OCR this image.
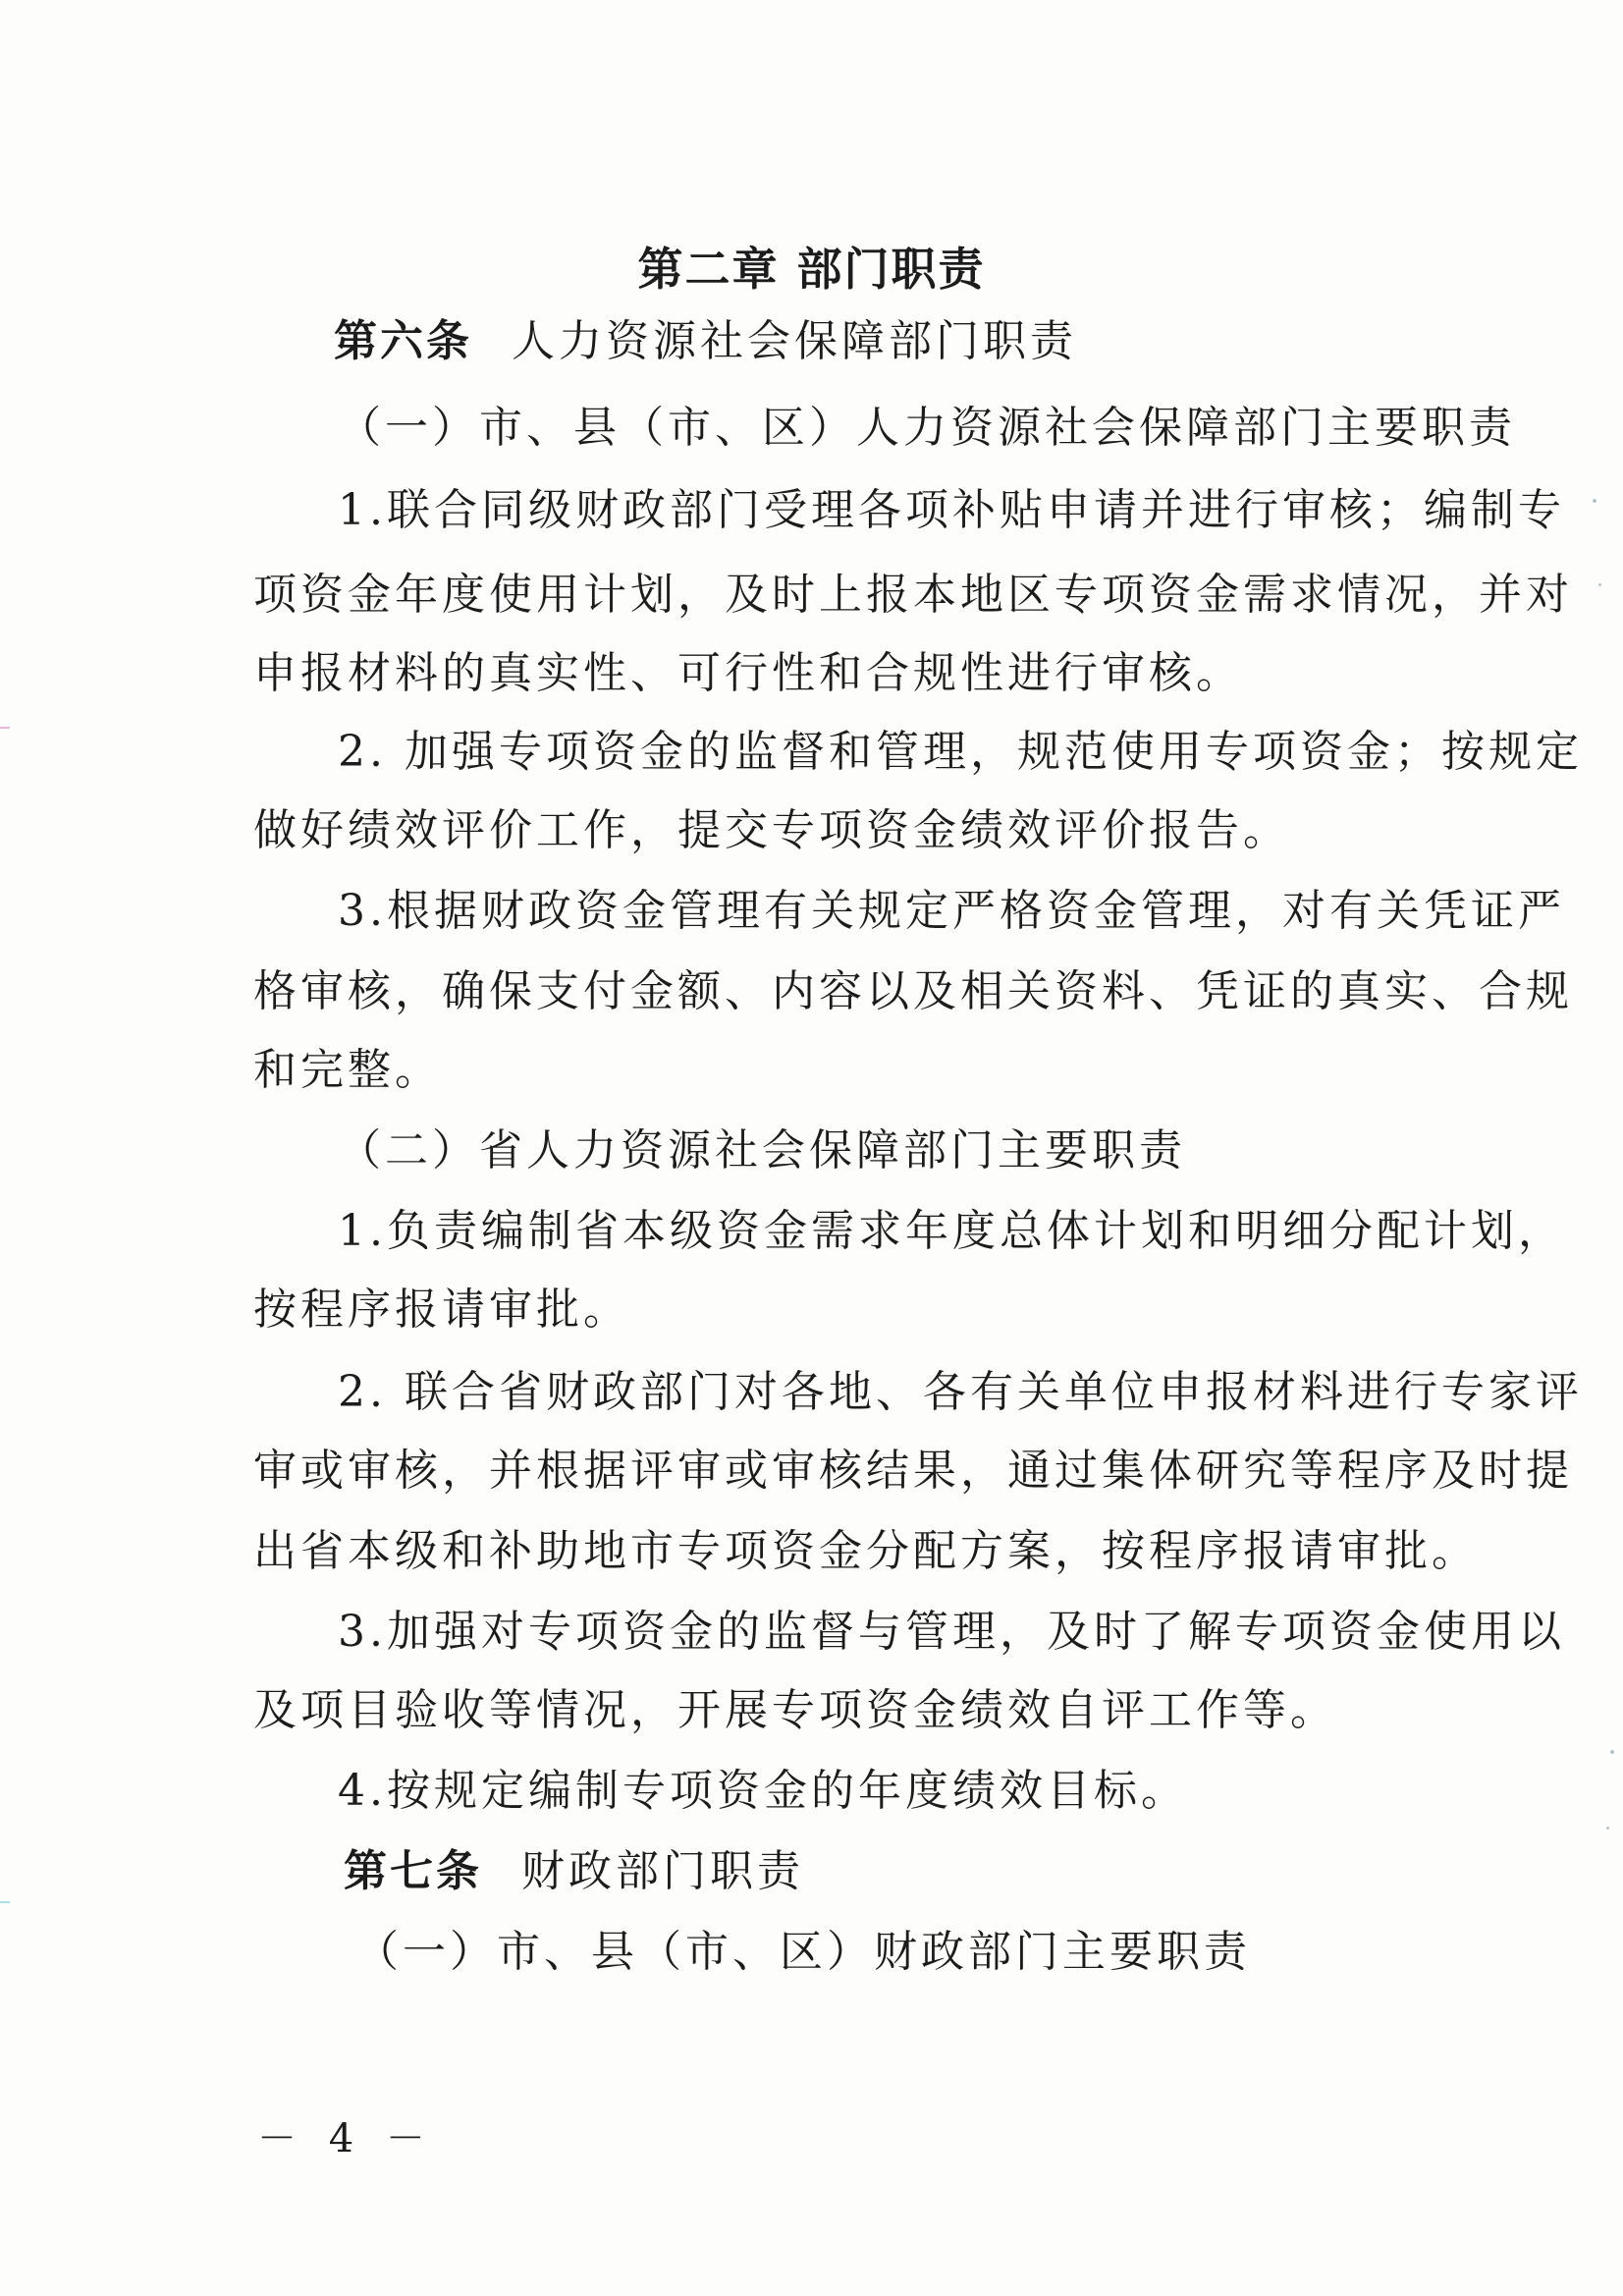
第二章 部门职责
第六条 人力资源社会保障部门职责
（一）市、县（市、区）人力资源社会保障部门主要职责
1.联合同级财政部门受理各项补贴申请并进行审核；编制专
项资金年度使用计划，及时上报本地区专项资金需求情况，并对
申报材料的真实性、可行性和合规性进行审核。
2. 加强专项资金的监督和管理，规范使用专项资金；按规定
做好绩效评价工作，提交专项资金绩效评价报告。
3.根据财政资金管理有关规定严格资金管理，对有关凭证严
格审核，确保支付金额、内容以及相关资料、凭证的真实、合规
和完整。
（二）省人力资源社会保障部门主要职责
1.负责编制省本级资金需求年度总体计划和明细分配计划，
按程序报请审批。
2. 联合省财政部门对各地、各有关单位申报材料进行专家评
审或审核，并根据评审或审核结果，通过集体研究等程序及时提
出省本级和补助地市专项资金分配方案，按程序报请审批。
3.加强对专项资金的监督与管理，及时了解专项资金使用以
及项目验收等情况，开展专项资金绩效自评工作等。
4.按规定编制专项资金的年度绩效目标。
第七条 财政部门职责
（一）市、县（市、区）财政部门主要职责
－ 4 －
